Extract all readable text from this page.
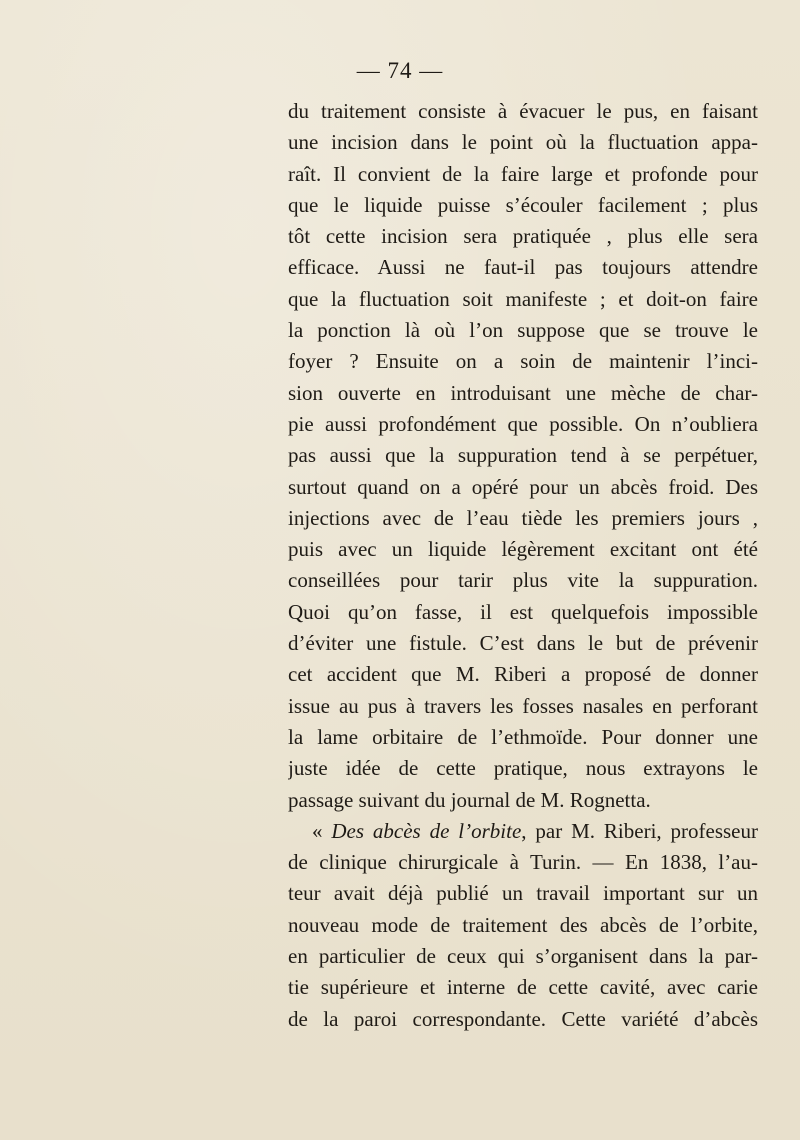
— 74 —
du traitement consiste à évacuer le pus, en faisant
une incision dans le point où la fluctuation appa-
raît. Il convient de la faire large et profonde pour
que le liquide puisse s’écouler facilement ; plus
tôt cette incision sera pratiquée , plus elle sera
efficace. Aussi ne faut-il pas toujours attendre
que la fluctuation soit manifeste ; et doit-on faire
la ponction là où l’on suppose que se trouve le
foyer ? Ensuite on a soin de maintenir l’inci-
sion ouverte en introduisant une mèche de char-
pie aussi profondément que possible. On n’oubliera
pas aussi que la suppuration tend à se perpétuer,
surtout quand on a opéré pour un abcès froid. Des
injections avec de l’eau tiède les premiers jours ,
puis avec un liquide légèrement excitant ont été
conseillées pour tarir plus vite la suppuration.
Quoi qu’on fasse, il est quelquefois impossible
d’éviter une fistule. C’est dans le but de prévenir
cet accident que M. Riberi a proposé de donner
issue au pus à travers les fosses nasales en perforant
la lame orbitaire de l’ethmoïde. Pour donner une
juste idée de cette pratique, nous extrayons le
passage suivant du journal de M. Rognetta.
« Des abcès de l’orbite, par M. Riberi, professeur
de clinique chirurgicale à Turin. — En 1838, l’au-
teur avait déjà publié un travail important sur un
nouveau mode de traitement des abcès de l’orbite,
en particulier de ceux qui s’organisent dans la par-
tie supérieure et interne de cette cavité, avec carie
de la paroi correspondante. Cette variété d’abcès
